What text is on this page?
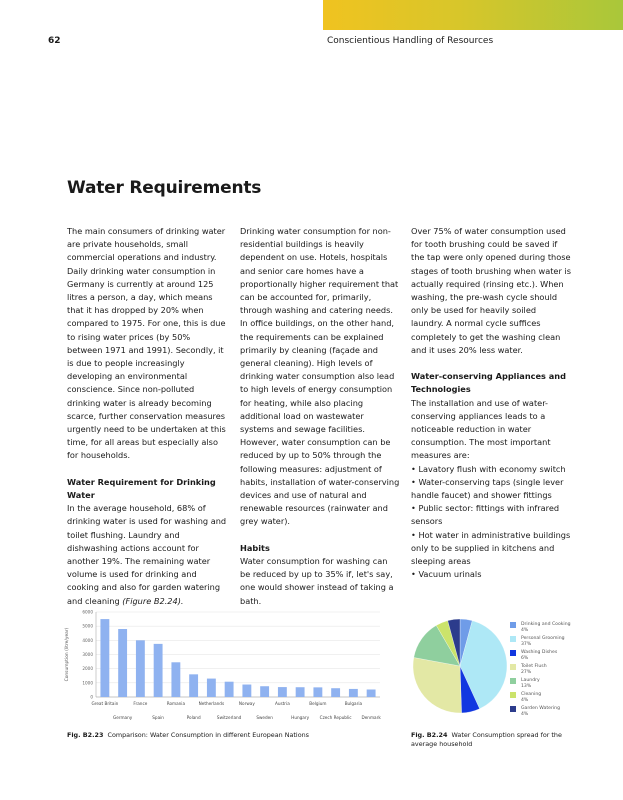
62	Conscientious Handling of Resources
Water Requirements

The main consumers of drinking water are private households, small commercial operations and industry. Daily drinking water consumption in Germany is currently at around 125 litres a person, a day, which means that it has dropped by 20% when compared to 1975. For one, this is due to rising water prices (by 50% between 1971 and 1991). Secondly, it is due to people increasingly developing an environmental conscience. Since non-polluted drinking water is already becoming scarce, further conservation measures urgently need to be undertaken at this time, for all areas but especially also for households.

Water Requirement for Drinking Water

In the average household, 68% of drinking water is used for washing and toilet flushing. Laundry and dishwashing actions account for another 19%. The remaining water volume is used for drinking and cooking and also for garden watering and cleaning (Figure B2.24).

Drinking water consumption for non-residential buildings is heavily dependent on use. Hotels, hospitals and senior care homes have a proportionally higher requirement that can be accounted for, primarily, through washing and catering needs. In office buildings, on the other hand, the requirements can be explained primarily by cleaning (façade and general cleaning). High levels of drinking water consumption also lead to high levels of energy consumption for heating, while also placing additional load on wastewater systems and sewage facilities. However, water consumption can be reduced by up to 50% through the following measures: adjustment of habits, installation of water-conserving devices and use of natural and renewable resources (rainwater and grey water).

Habits

Water consumption for washing can be reduced by up to 35% if, let's say, one would shower instead of taking a bath.

Over 75% of water consumption used for tooth brushing could be saved if the tap were only opened during those stages of tooth brushing when water is actually required (rinsing etc.). When washing, the pre-wash cycle should only be used for heavily soiled laundry. A normal cycle suffices completely to get the washing clean and it uses 20% less water.

Water-conserving Appliances and Technologies

The installation and use of water-conserving appliances leads to a noticeable reduction in water consumption. The most important measures are:

• Lavatory flush with economy switch
• Water-conserving taps (single lever handle faucet) and shower fittings
• Public sector: fittings with infrared sensors
• Hot water in administrative buildings only to be supplied in kitchens and sleeping areas
• Vacuum urinals
0
1000
2000
3000
4000
5000
6000
Consumption (litre/year)
Great Britain
Germany
France
Spain
Romania
Poland
Netherlands
Switzerland
Norway
Sweden
Austria
Hungary
Belgium
Czech Republic
Bulgaria
Denmark
Drinking and Cooking
4%
Personal Grooming
37%
Washing Dishes
6%
Toilet Flush
27%
Laundry
13%
Cleaning
4%
Garden Watering
4%
Fig. B2.23 Comparison: Water Consumption in different European Nations	Fig. B2.24 Water Consumption spread for the average household
